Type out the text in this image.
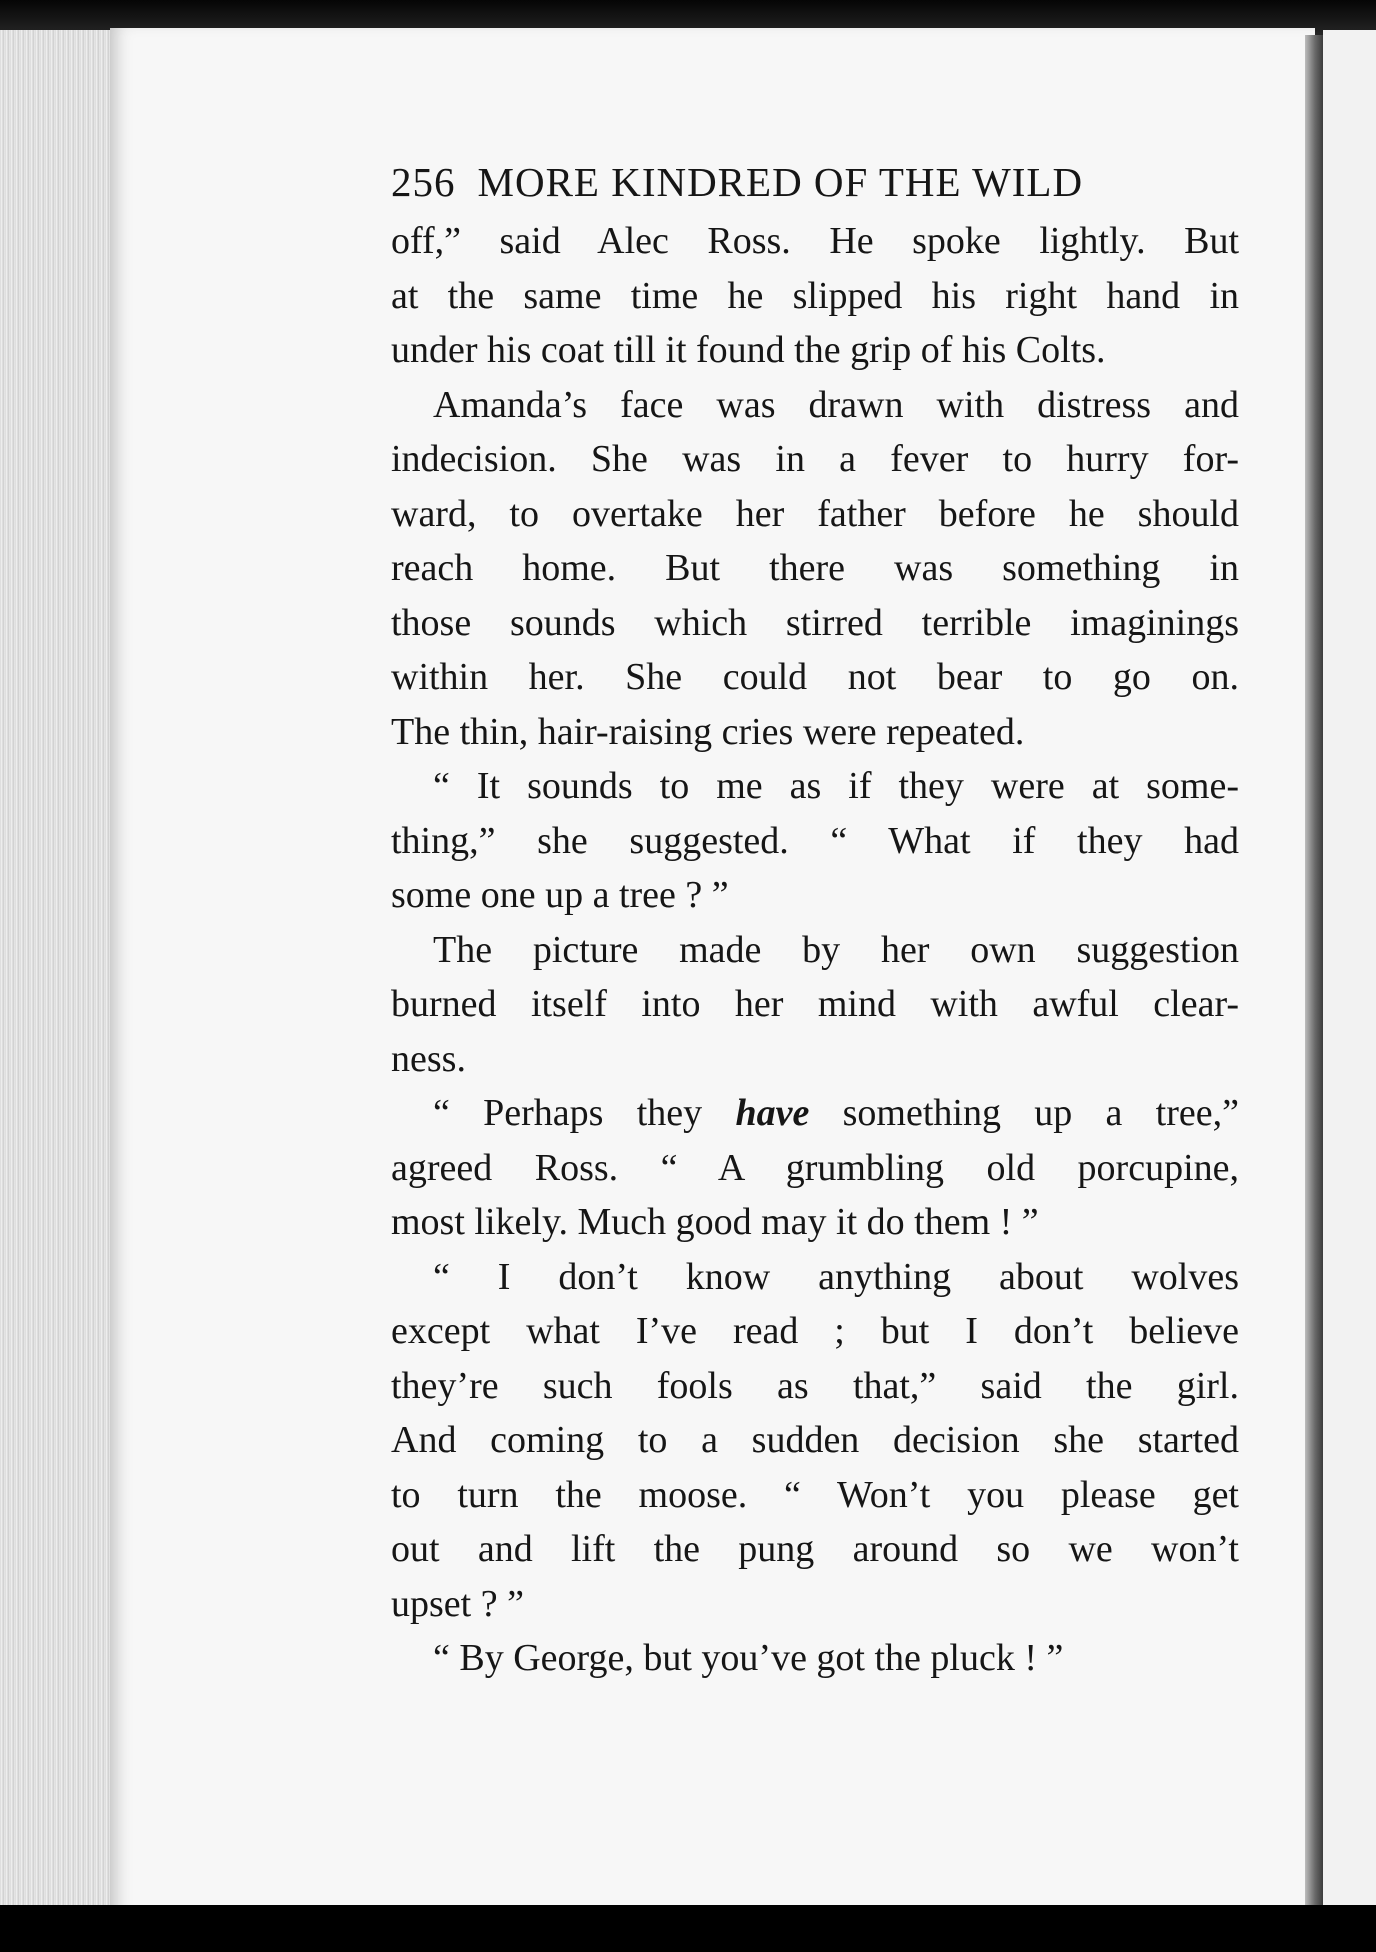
256 MORE KINDRED OF THE WILD
off,” said Alec Ross. He spoke lightly. But
at the same time he slipped his right hand in
under his coat till it found the grip of his Colts.
Amanda’s face was drawn with distress and
indecision. She was in a fever to hurry for-
ward, to overtake her father before he should
reach home. But there was something in
those sounds which stirred terrible imaginings
within her. She could not bear to go on.
The thin, hair-raising cries were repeated.
“ It sounds to me as if they were at some-
thing,” she suggested. “ What if they had
some one up a tree ? ”
The picture made by her own suggestion
burned itself into her mind with awful clear-
ness.
“ Perhaps they have something up a tree,”
agreed Ross. “ A grumbling old porcupine,
most likely. Much good may it do them ! ”
“ I don’t know anything about wolves
except what I’ve read ; but I don’t believe
they’re such fools as that,” said the girl.
And coming to a sudden decision she started
to turn the moose. “ Won’t you please get
out and lift the pung around so we won’t
upset ? ”
“ By George, but you’ve got the pluck ! ”
